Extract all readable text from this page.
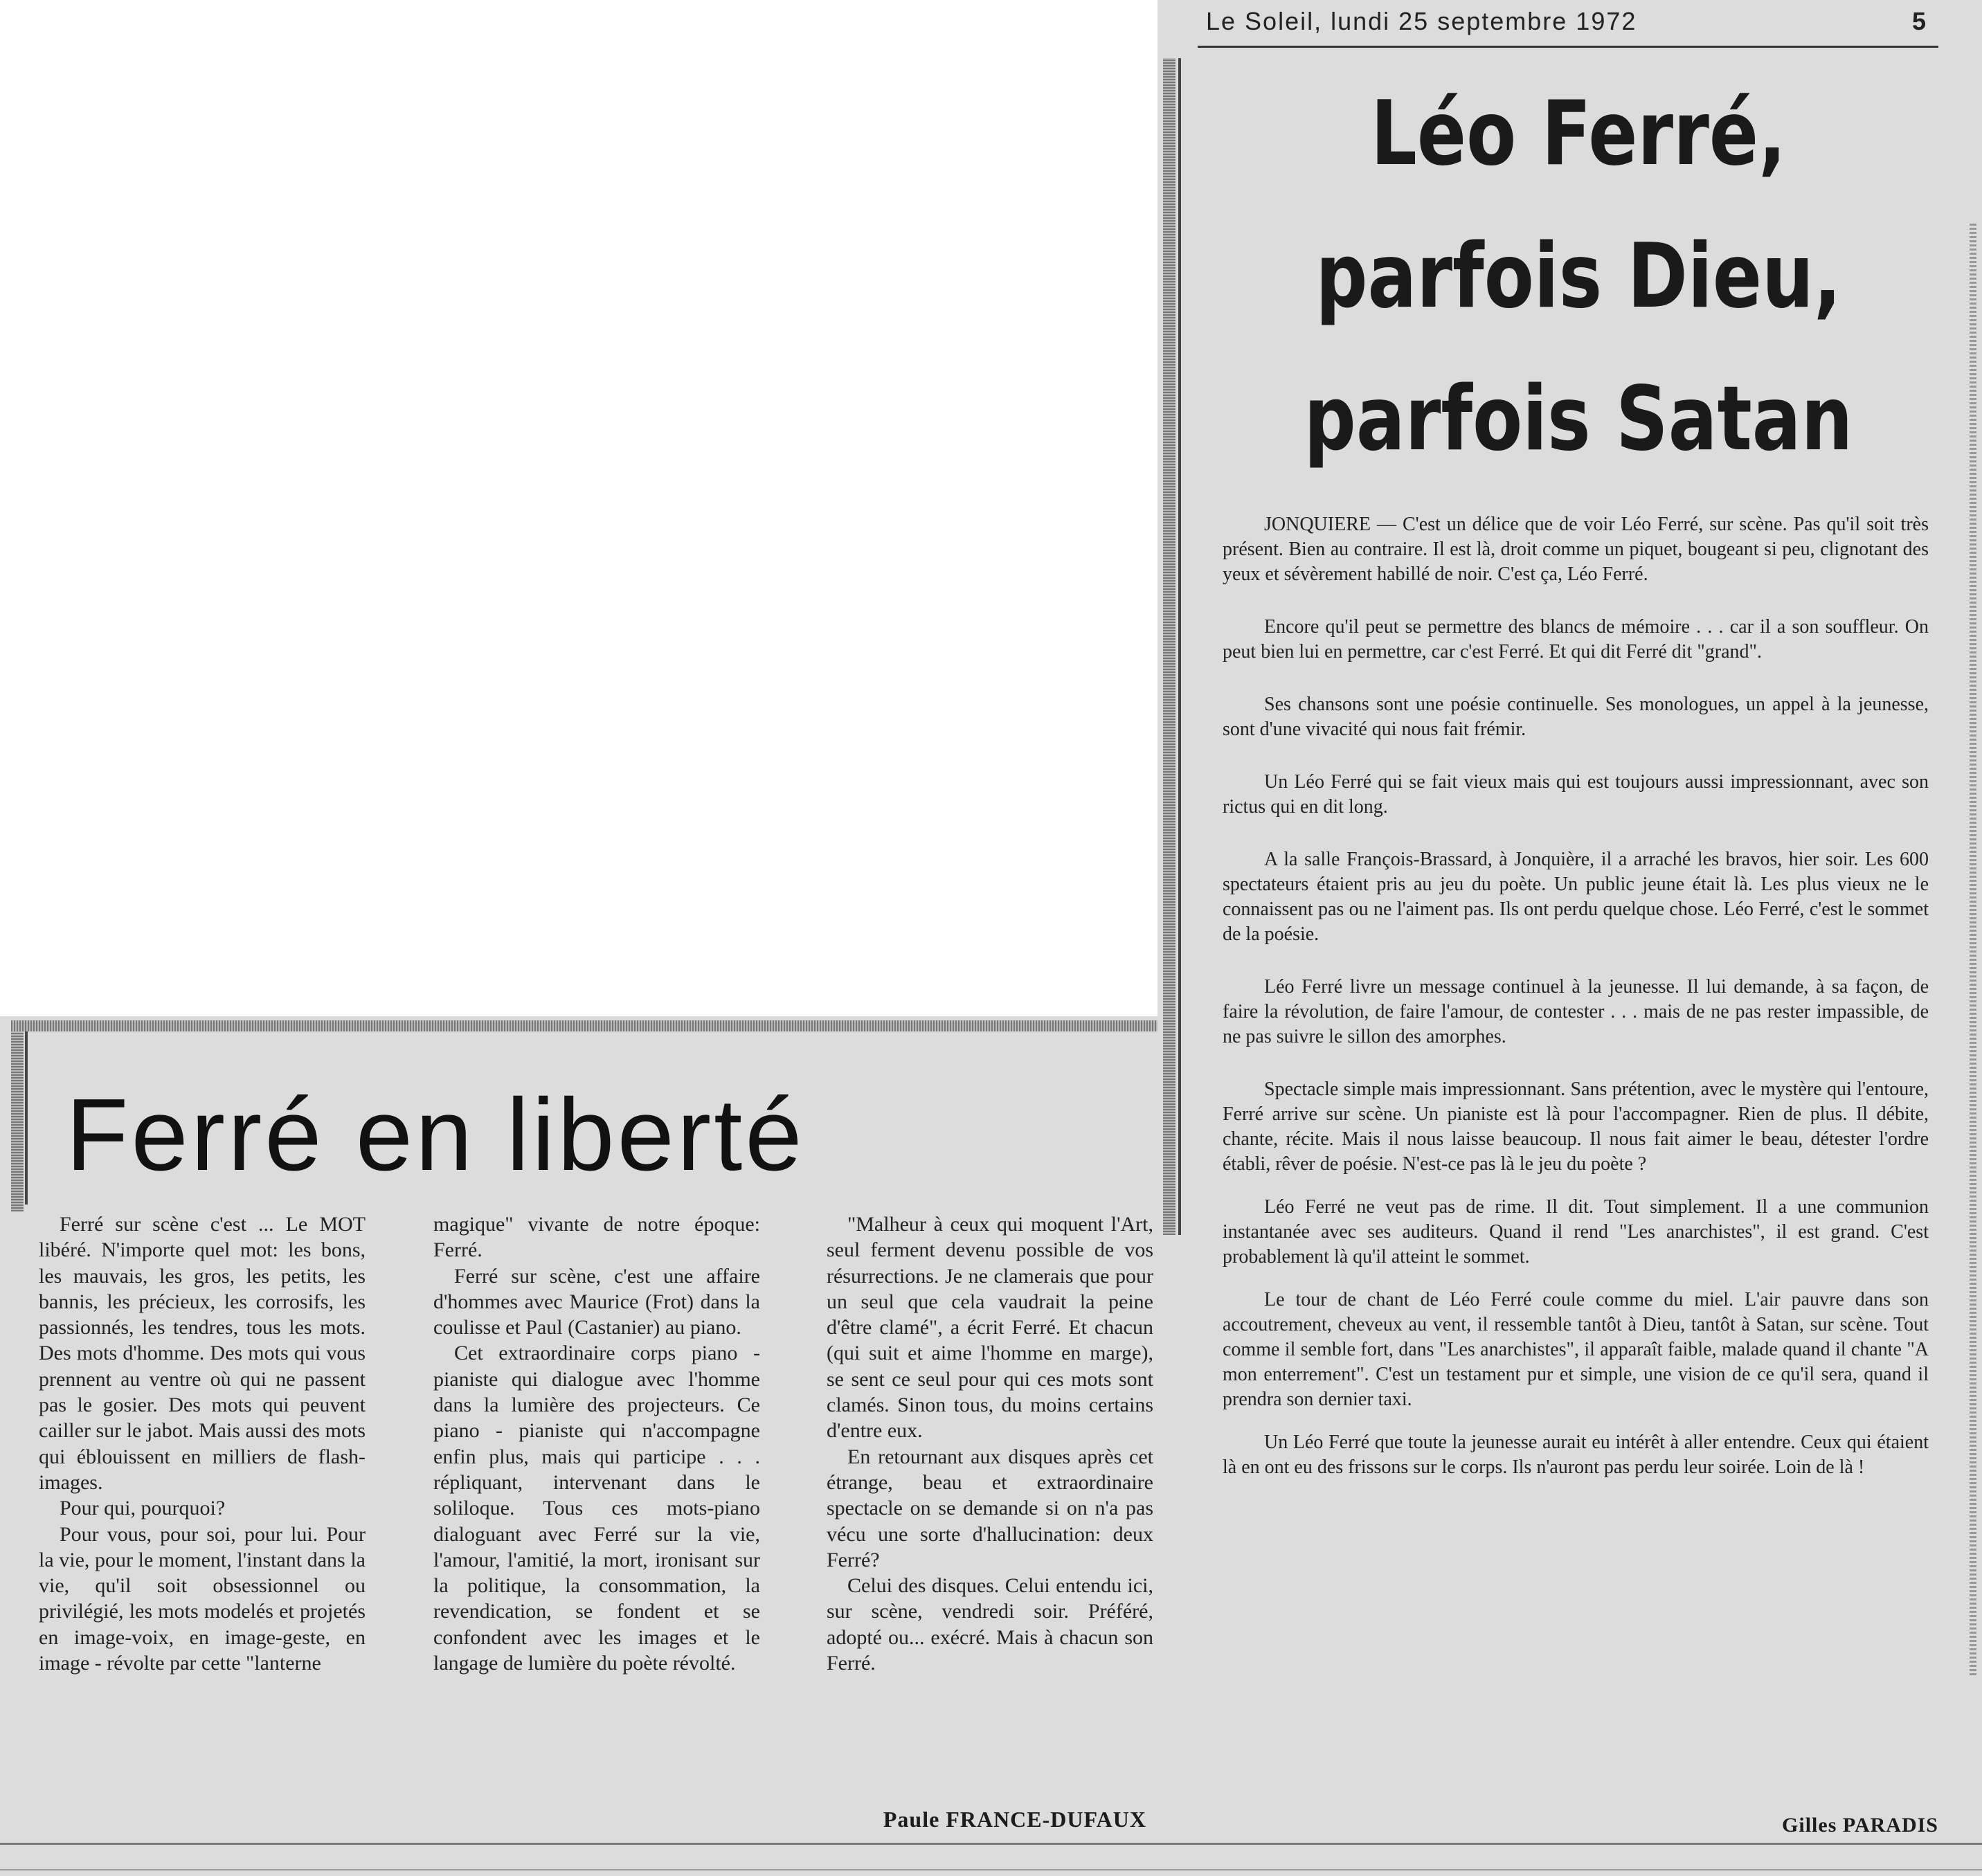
Le Soleil, lundi 25 septembre 1972	5
Léo Ferré,
parfois Dieu,
parfois Satan

JONQUIERE — C'est un délice que de voir Léo Ferré, sur scène. Pas qu'il soit très présent. Bien au contraire. Il est là, droit comme un piquet, bougeant si peu, clignotant des yeux et sévèrement habillé de noir. C'est ça, Léo Ferré.

Encore qu'il peut se permettre des blancs de mémoire . . . car il a son souffleur. On peut bien lui en permettre, car c'est Ferré. Et qui dit Ferré dit "grand".

Ses chansons sont une poésie continuelle. Ses monologues, un appel à la jeunesse, sont d'une vivacité qui nous fait frémir.

Un Léo Ferré qui se fait vieux mais qui est toujours aussi impressionnant, avec son rictus qui en dit long.

A la salle François-Brassard, à Jonquière, il a arraché les bravos, hier soir. Les 600 spectateurs étaient pris au jeu du poète. Un public jeune était là. Les plus vieux ne le connaissent pas ou ne l'aiment pas. Ils ont perdu quelque chose. Léo Ferré, c'est le sommet de la poésie.

Léo Ferré livre un message continuel à la jeunesse. Il lui demande, à sa façon, de faire la révolution, de faire l'amour, de contester . . . mais de ne pas rester impassible, de ne pas suivre le sillon des amorphes.

Spectacle simple mais impressionnant. Sans prétention, avec le mystère qui l'entoure, Ferré arrive sur scène. Un pianiste est là pour l'accompagner. Rien de plus. Il débite, chante, récite. Mais il nous laisse beaucoup. Il nous fait aimer le beau, détester l'ordre établi, rêver de poésie. N'est-ce pas là le jeu du poète ?

Léo Ferré ne veut pas de rime. Il dit. Tout simplement. Il a une communion instantanée avec ses auditeurs. Quand il rend "Les anarchistes", il est grand. C'est probablement là qu'il atteint le sommet.

Le tour de chant de Léo Ferré coule comme du miel. L'air pauvre dans son accoutrement, cheveux au vent, il ressemble tantôt à Dieu, tantôt à Satan, sur scène. Tout comme il semble fort, dans "Les anarchistes", il apparaît faible, malade quand il chante "A mon enterrement". C'est un testament pur et simple, une vision de ce qu'il sera, quand il prendra son dernier taxi.

Un Léo Ferré que toute la jeunesse aurait eu intérêt à aller entendre. Ceux qui étaient là en ont eu des frissons sur le corps. Ils n'auront pas perdu leur soirée. Loin de là !

Gilles PARADIS
Ferré en liberté

Ferré sur scène c'est ... Le MOT libéré. N'importe quel mot: les bons, les mauvais, les gros, les petits, les bannis, les précieux, les corrosifs, les passionnés, les tendres, tous les mots. Des mots d'homme. Des mots qui vous prennent au ventre où qui ne passent pas le gosier. Des mots qui peuvent cailler sur le jabot. Mais aussi des mots qui éblouissent en milliers de flash-images.

Pour qui, pourquoi?

Pour vous, pour soi, pour lui. Pour la vie, pour le moment, l'instant dans la vie, qu'il soit obsessionnel ou privilégié, les mots modelés et projetés en image-voix, en image-geste, en image - révolte par cette "lanterne

magique" vivante de notre époque: Ferré.

Ferré sur scène, c'est une affaire d'hommes avec Maurice (Frot) dans la coulisse et Paul (Castanier) au piano.

Cet extraordinaire corps piano - pianiste qui dialogue avec l'homme dans la lumière des projecteurs. Ce piano - pianiste qui n'accompagne enfin plus, mais qui participe . . . répliquant, intervenant dans le soliloque. Tous ces mots-piano dialoguant avec Ferré sur la vie, l'amour, l'amitié, la mort, ironisant sur la politique, la consommation, la revendication, se fondent et se confondent avec les images et le langage de lumière du poète révolté.

"Malheur à ceux qui moquent l'Art, seul ferment devenu possible de vos résurrections. Je ne clamerais que pour un seul que cela vaudrait la peine d'être clamé", a écrit Ferré. Et chacun (qui suit et aime l'homme en marge), se sent ce seul pour qui ces mots sont clamés. Sinon tous, du moins certains d'entre eux.

En retournant aux disques après cet étrange, beau et extraordinaire spectacle on se demande si on n'a pas vécu une sorte d'hallucination: deux Ferré?

Celui des disques. Celui entendu ici, sur scène, vendredi soir. Préféré, adopté ou... exécré. Mais à chacun son Ferré.

Paule FRANCE-DUFAUX
